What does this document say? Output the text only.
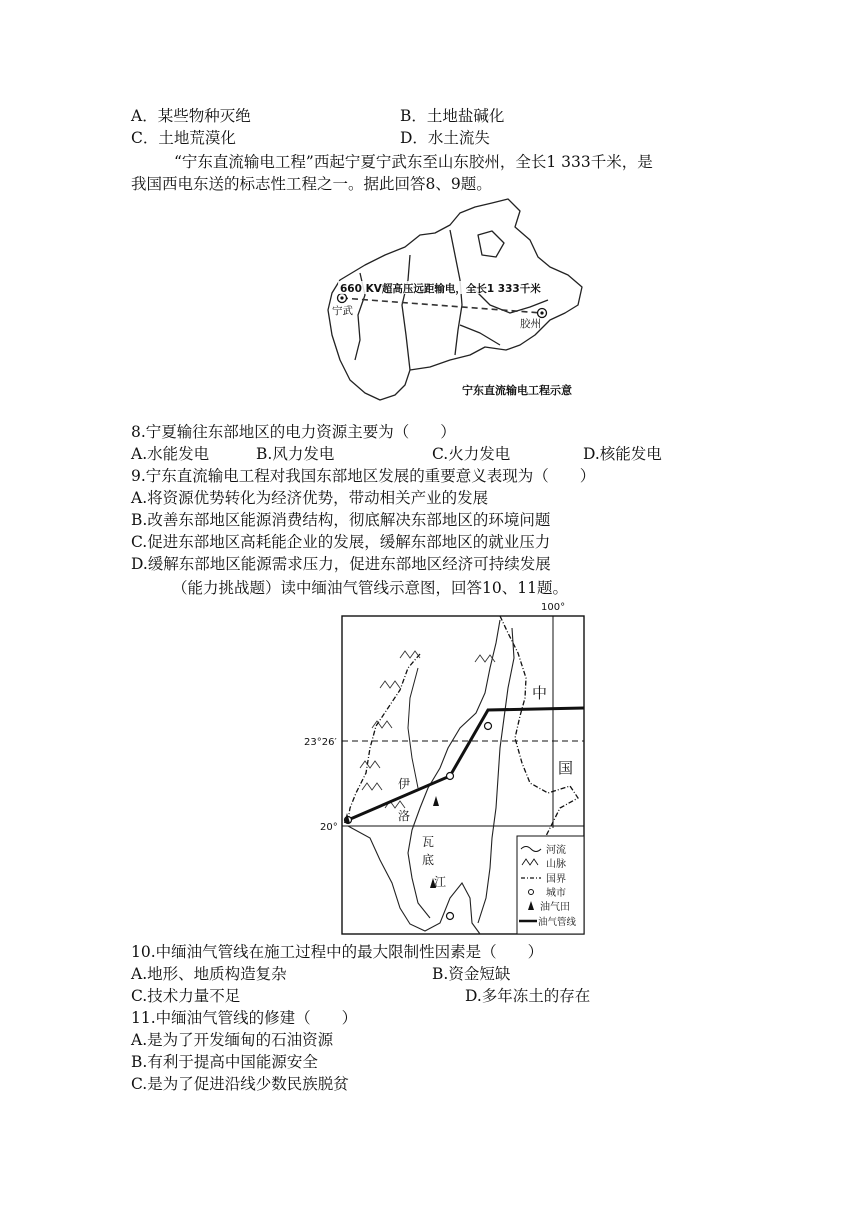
A．某些物种灭绝	B．土地盐碱化
C．土地荒漠化	D．水土流失
“宁东直流输电工程”西起宁夏宁武东至山东胶州，全长1 333千米，是
我国西电东送的标志性工程之一。据此回答8、9题。
660 KV超高压远距输电，全长1 333千米
宁武
胶州
宁东直流输电工程示意
8.宁夏输往东部地区的电力资源主要为（　　）
A.水能发电	B.风力发电	C.火力发电	D.核能发电
9.宁东直流输电工程对我国东部地区发展的重要意义表现为（　　）
A.将资源优势转化为经济优势，带动相关产业的发展
B.改善东部地区能源消费结构，彻底解决东部地区的环境问题
C.促进东部地区高耗能企业的发展，缓解东部地区的就业压力
D.缓解东部地区能源需求压力，促进东部地区经济可持续发展
（能力挑战题）读中缅油气管线示意图，回答10、11题。
100°
23°26′
20°
中
国
伊
洛
瓦
底
江
河流
山脉
国界
城市
油气田
油气管线
10.中缅油气管线在施工过程中的最大限制性因素是（　　）
A.地形、地质构造复杂	B.资金短缺
C.技术力量不足	D.多年冻土的存在
11.中缅油气管线的修建（　　）
A.是为了开发缅甸的石油资源
B.有利于提高中国能源安全
C.是为了促进沿线少数民族脱贫
